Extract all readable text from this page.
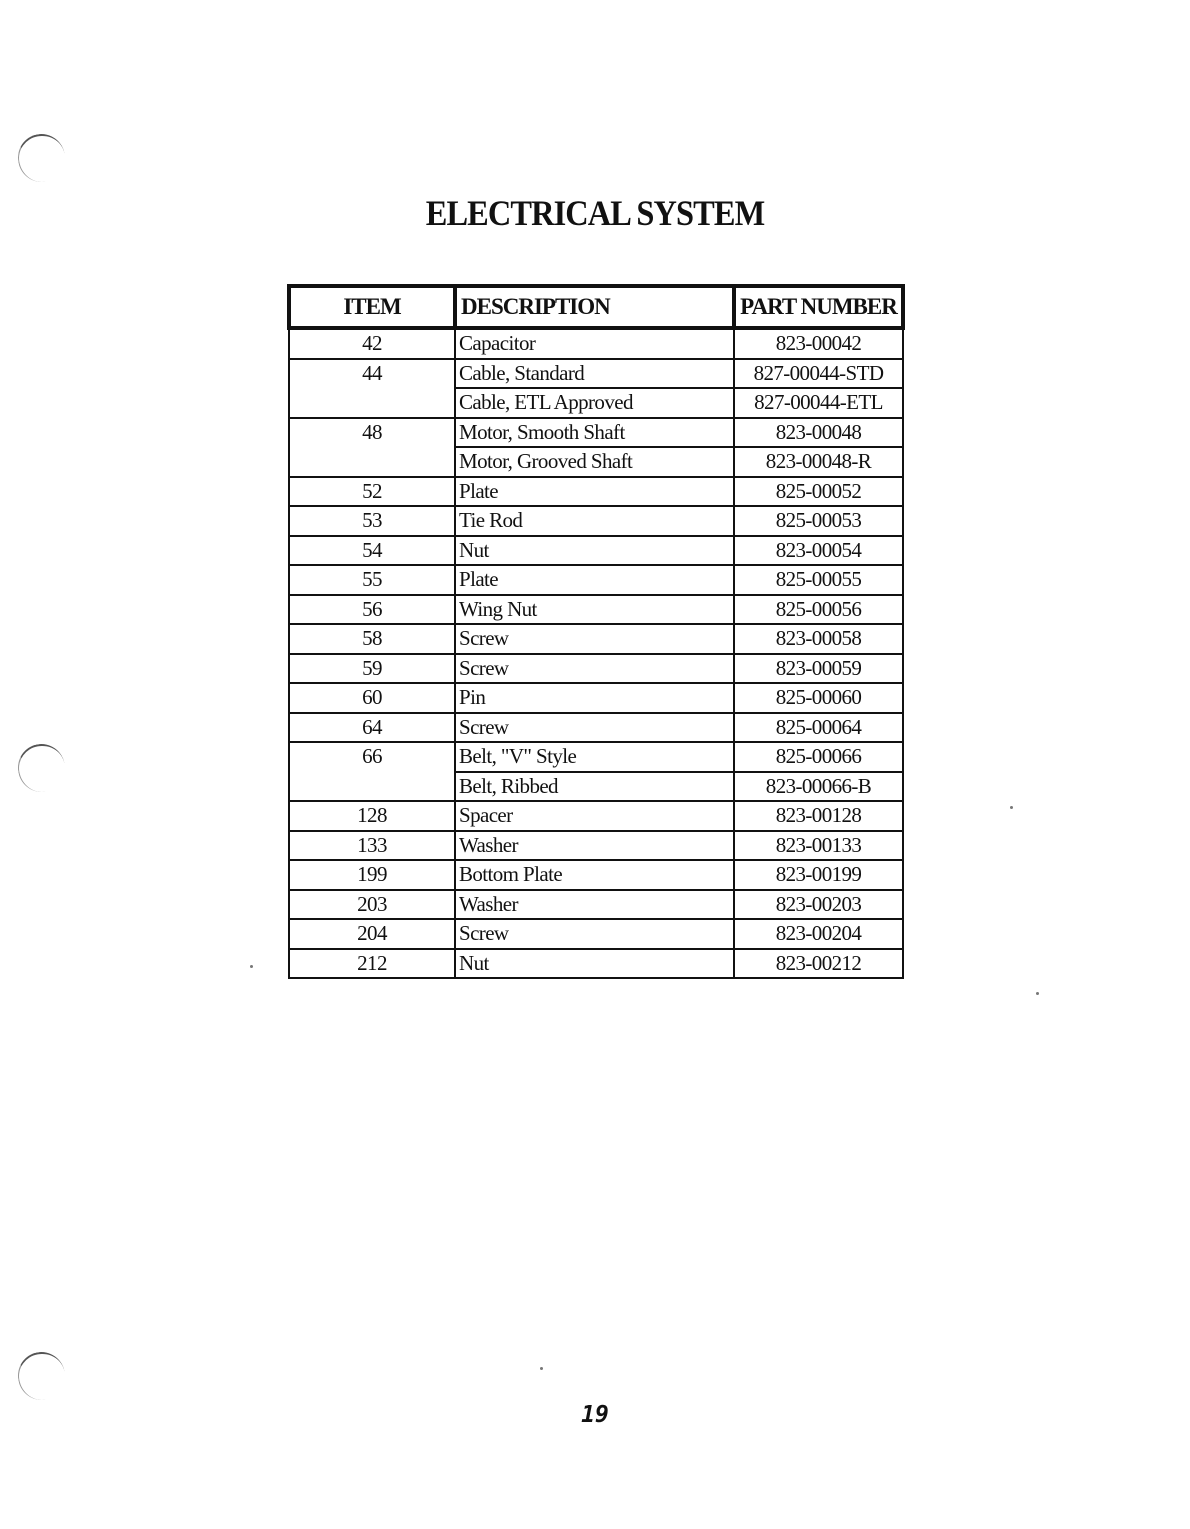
ELECTRICAL SYSTEM
ITEM	DESCRIPTION	PART NUMBER
42	Capacitor	823-00042
44	Cable, Standard	827-00044-STD
	Cable, ETL Approved	827-00044-ETL
48	Motor, Smooth Shaft	823-00048
	Motor, Grooved Shaft	823-00048-R
52	Plate	825-00052
53	Tie Rod	825-00053
54	Nut	823-00054
55	Plate	825-00055
56	Wing Nut	825-00056
58	Screw	823-00058
59	Screw	823-00059
60	Pin	825-00060
64	Screw	825-00064
66	Belt, "V" Style	825-00066
	Belt, Ribbed	823-00066-B
128	Spacer	823-00128
133	Washer	823-00133
199	Bottom Plate	823-00199
203	Washer	823-00203
204	Screw	823-00204
212	Nut	823-00212
19
